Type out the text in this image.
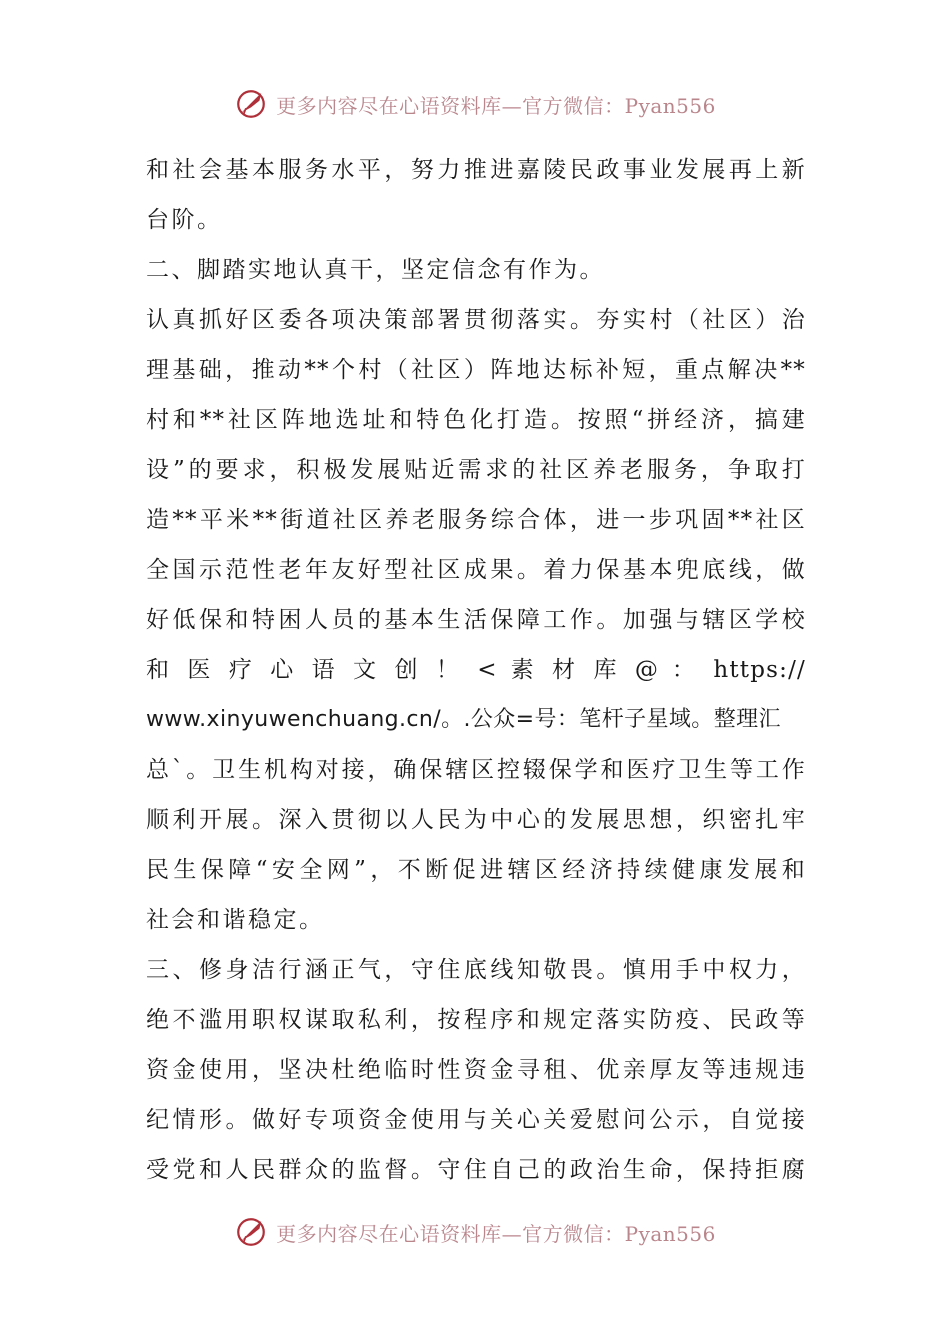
更多内容尽在心语资料库—官方微信：Pyan556
和社会基本服务水平，努力推进嘉陵民政事业发展再上新
台阶。
二、脚踏实地认真干，坚定信念有作为。
认真抓好区委各项决策部署贯彻落实。夯实村（社区）治
理基础，推动**个村（社区）阵地达标补短，重点解决**
村和**社区阵地选址和特色化打造。按照“拼经济，搞建
设”的要求，积极发展贴近需求的社区养老服务，争取打
造**平米**街道社区养老服务综合体，进一步巩固**社区
全国示范性老年友好型社区成果。着力保基本兜底线，做
好低保和特困人员的基本生活保障工作。加强与辖区学校
和 医 疗 心 语 文 创 ！ < 素 材 库 @ ： https://
www.xinyuwenchuang.cn/。.公众=号：笔杆子星域。整理汇
总`。卫生机构对接，确保辖区控辍保学和医疗卫生等工作
顺利开展。深入贯彻以人民为中心的发展思想，织密扎牢
民生保障“安全网”，不断促进辖区经济持续健康发展和
社会和谐稳定。
三、修身洁行涵正气，守住底线知敬畏。慎用手中权力，
绝不滥用职权谋取私利，按程序和规定落实防疫、民政等
资金使用，坚决杜绝临时性资金寻租、优亲厚友等违规违
纪情形。做好专项资金使用与关心关爱慰问公示，自觉接
受党和人民群众的监督。守住自己的政治生命，保持拒腐
更多内容尽在心语资料库—官方微信：Pyan556
